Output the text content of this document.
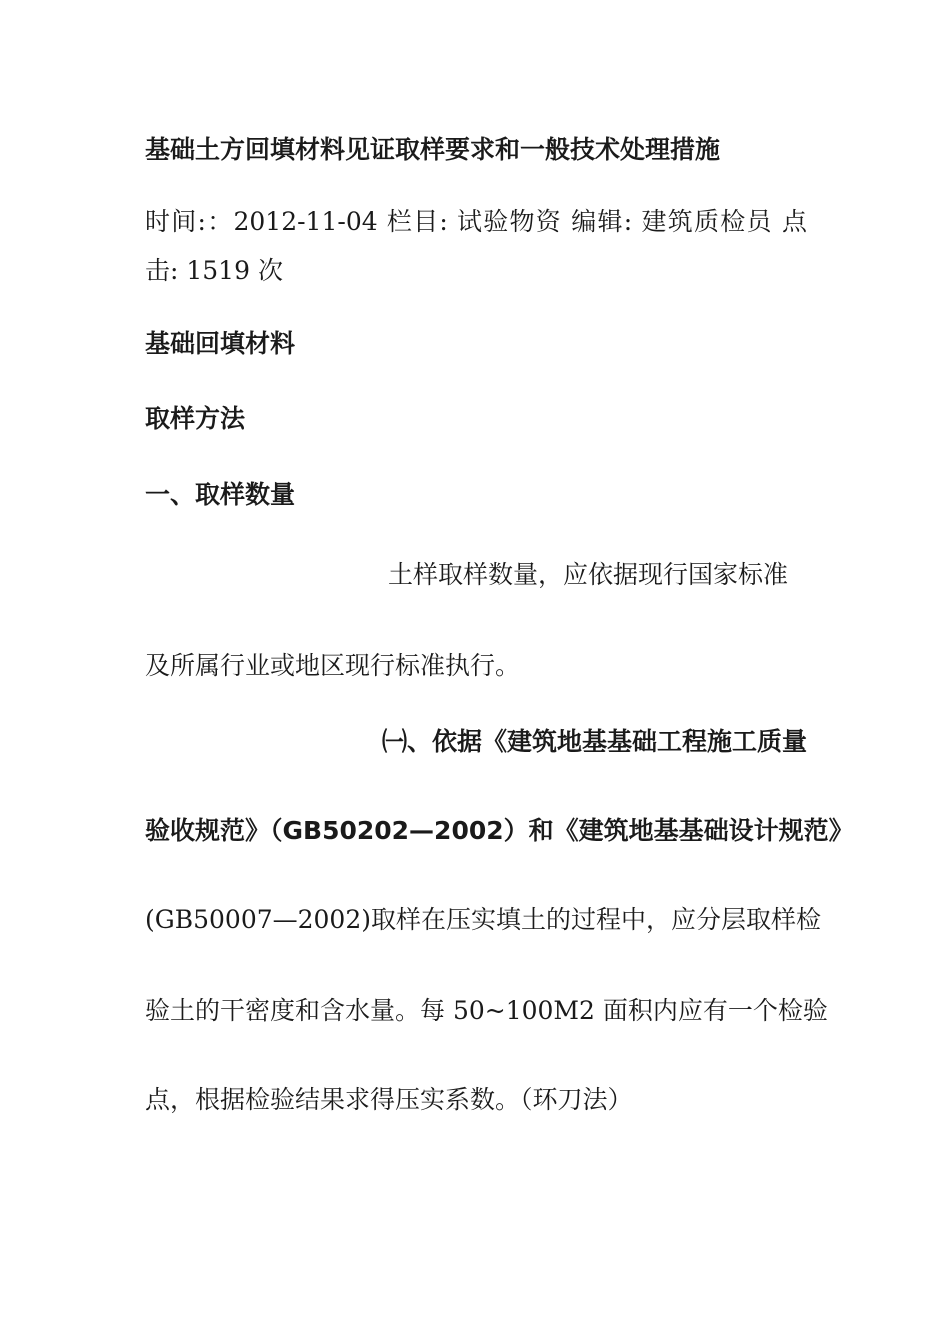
基础土方回填材料见证取样要求和一般技术处理措施
时间:：2012-11-04 栏目: 试验物资 编辑: 建筑质检员 点
击: 1519 次
基础回填材料
取样方法
一、取样数量
土样取样数量，应依据现行国家标准
及所属行业或地区现行标准执行。
㈠、依据《建筑地基基础工程施工质量
验收规范》（GB50202—2002）和《建筑地基基础设计规范》
(GB50007—2002)取样在压实填土的过程中，应分层取样检
验土的干密度和含水量。每 50~100M2 面积内应有一个检验
点，根据检验结果求得压实系数。（环刀法）
